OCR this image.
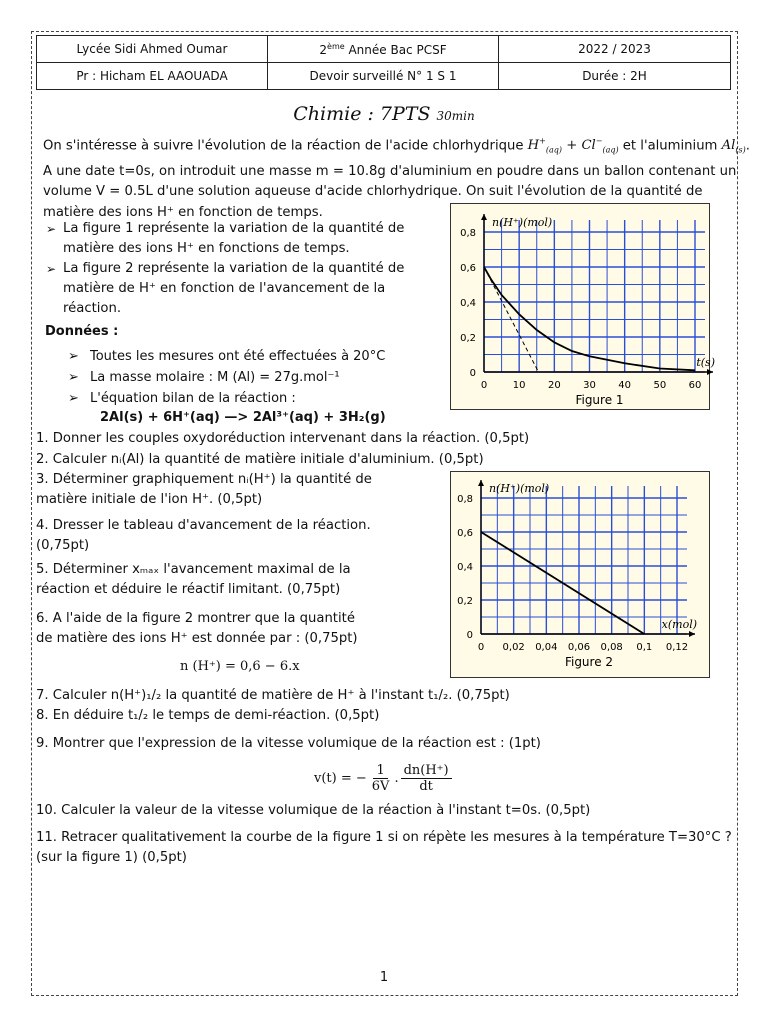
Lycée Sidi Ahmed Oumar	2ème Année Bac PCSF	2022 / 2023
Pr : Hicham EL AAOUADA	Devoir surveillé N° 1 S 1	Durée : 2H
Chimie : 7PTS 30min
On s'intéresse à suivre l'évolution de la réaction de l'acide chlorhydrique $H^+_{(aq)} + Cl^-_{(aq)}$ et l'aluminium $Al_{(s)}$.
A une date t=0s, on introduit une masse m = 10.8g d'aluminium en poudre dans un ballon contenant un
volume V = 0.5L d'une solution aqueuse d'acide chlorhydrique. On suit l'évolution de la quantité de
matière des ions H⁺ en fonction de temps.
➢ La figure 1 représente la variation de la quantité de
matière des ions H⁺ en fonctions de temps.
➢ La figure 2 représente la variation de la quantité de
matière de H⁺ en fonction de l'avancement de la
réaction.
Données :
➢ Toutes les mesures ont été effectuées à 20°C
➢ La masse molaire : M (Al) = 27g.mol⁻¹
➢ L'équation bilan de la réaction :
2Al(s) + 6H⁺(aq) —> 2Al³⁺(aq) + 3H₂(g)
1. Donner les couples oxydoréduction intervenant dans la réaction. (0,5pt)
2. Calculer nᵢ(Al) la quantité de matière initiale d'aluminium. (0,5pt)
3. Déterminer graphiquement nᵢ(H⁺) la quantité de
matière initiale de l'ion H⁺. (0,5pt)
4. Dresser le tableau d'avancement de la réaction.
(0,75pt)
5. Déterminer xₘₐₓ l'avancement maximal de la
réaction et déduire le réactif limitant. (0,75pt)
6. A l'aide de la figure 2 montrer que la quantité
de matière des ions H⁺ est donnée par : (0,75pt)
n (H⁺) = 0,6 − 6.x
7. Calculer n(H⁺)₁/₂ la quantité de matière de H⁺ à l'instant t₁/₂. (0,75pt)
8. En déduire t₁/₂ le temps de demi-réaction. (0,5pt)
9. Montrer que l'expression de la vitesse volumique de la réaction est : (1pt)
v(t) = − $\frac{1}{6V}$ .
dn(H⁺)
dt
10. Calculer la valeur de la vitesse volumique de la réaction à l'instant t=0s. (0,5pt)
11. Retracer qualitativement la courbe de la figure 1 si on répète les mesures à la température T=30°C ?
(sur la figure 1) (0,5pt)
1
0	10 20 30 40 50 60
0
0,2
0,4
0,6
0,8
n(H⁺)(mol)
t(s)
Figure 1
0 0,02 0,04 0,06 0,08 0,1 0,12
0
0,2
0,4
0,6
0,8
n(H⁺)(mol)
x(mol)
Figure 2
